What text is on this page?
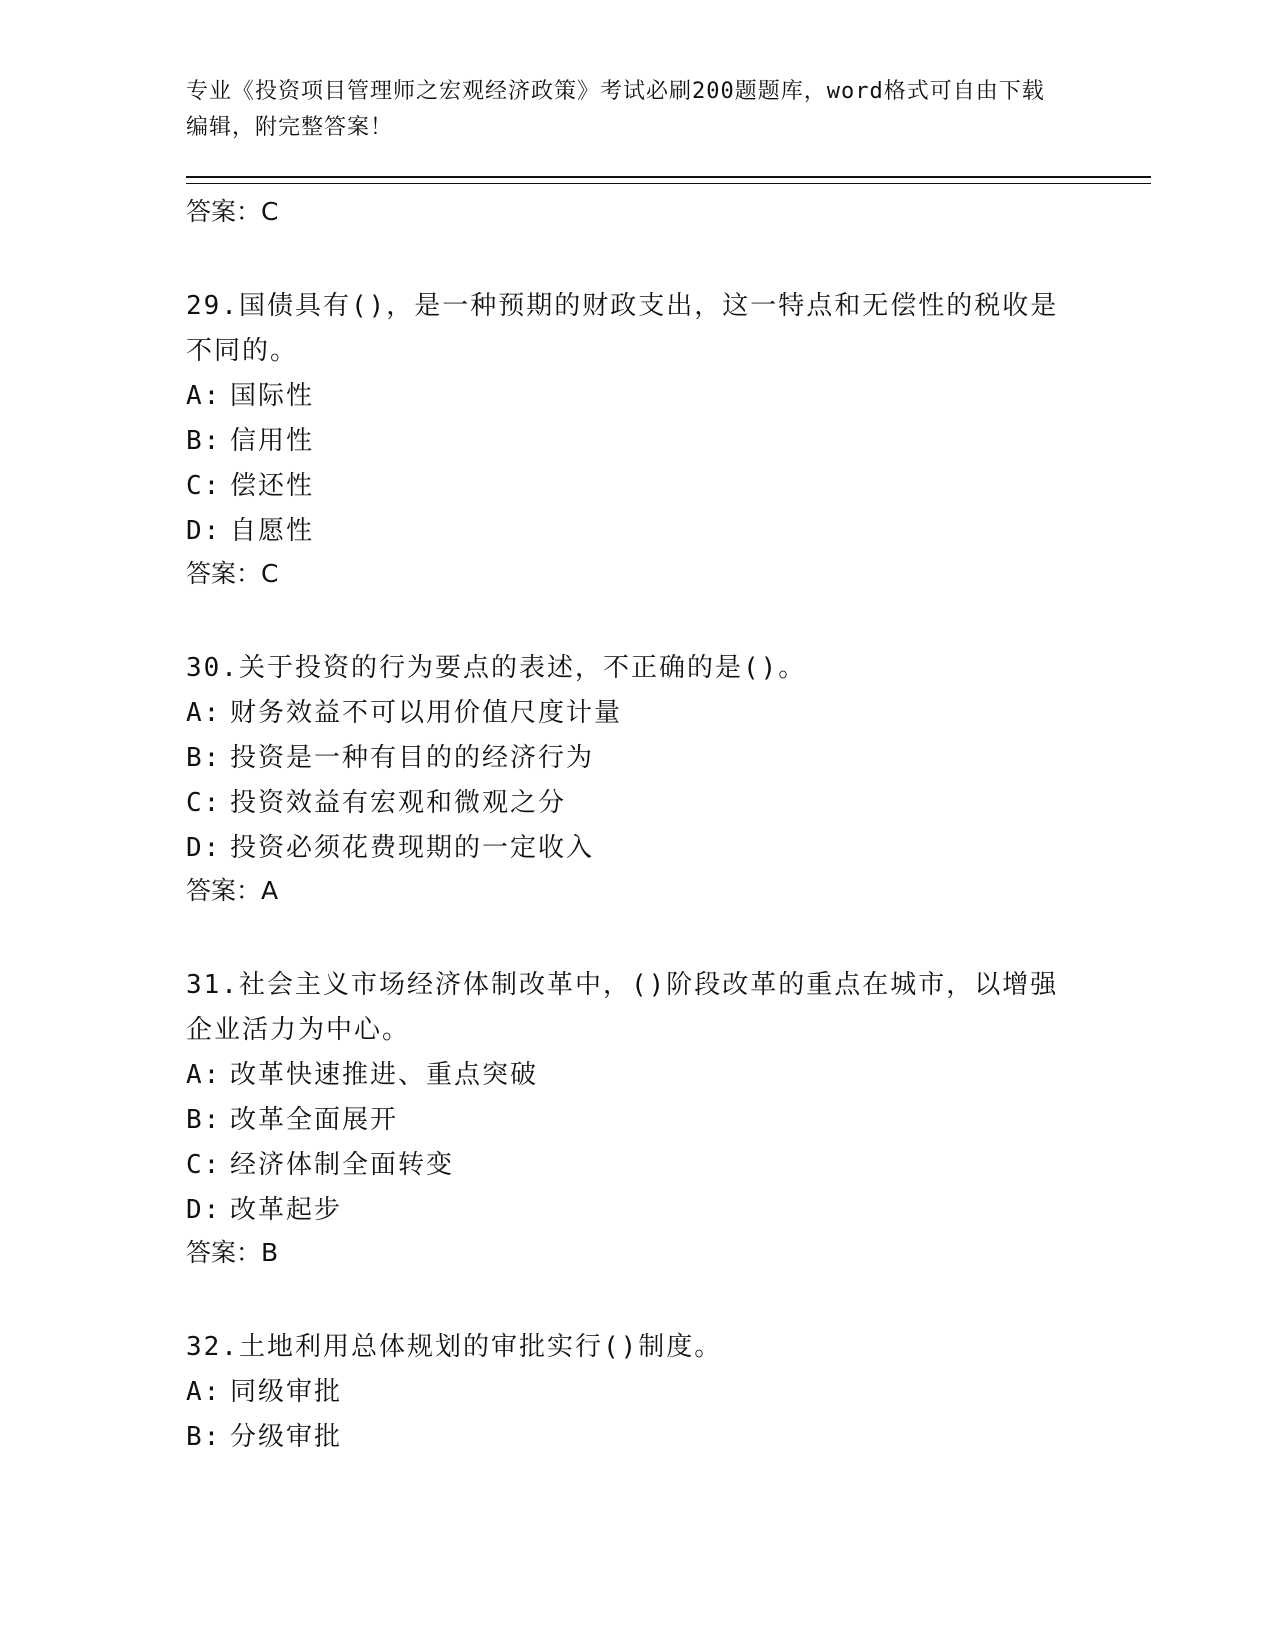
专业《投资项目管理师之宏观经济政策》考试必刷200题题库，word格式可自由下载编辑，附完整答案！
答案：C

29.国债具有()，是一种预期的财政支出，这一特点和无偿性的税收是不同的。

A: 国际性
B: 信用性
C: 偿还性
D: 自愿性
答案：C

30.关于投资的行为要点的表述，不正确的是()。

A: 财务效益不可以用价值尺度计量
B: 投资是一种有目的的经济行为
C: 投资效益有宏观和微观之分
D: 投资必须花费现期的一定收入
答案：A

31.社会主义市场经济体制改革中，()阶段改革的重点在城市，以增强企业活力为中心。

A: 改革快速推进、重点突破
B: 改革全面展开
C: 经济体制全面转变
D: 改革起步
答案：B

32.土地利用总体规划的审批实行()制度。

A: 同级审批
B: 分级审批
